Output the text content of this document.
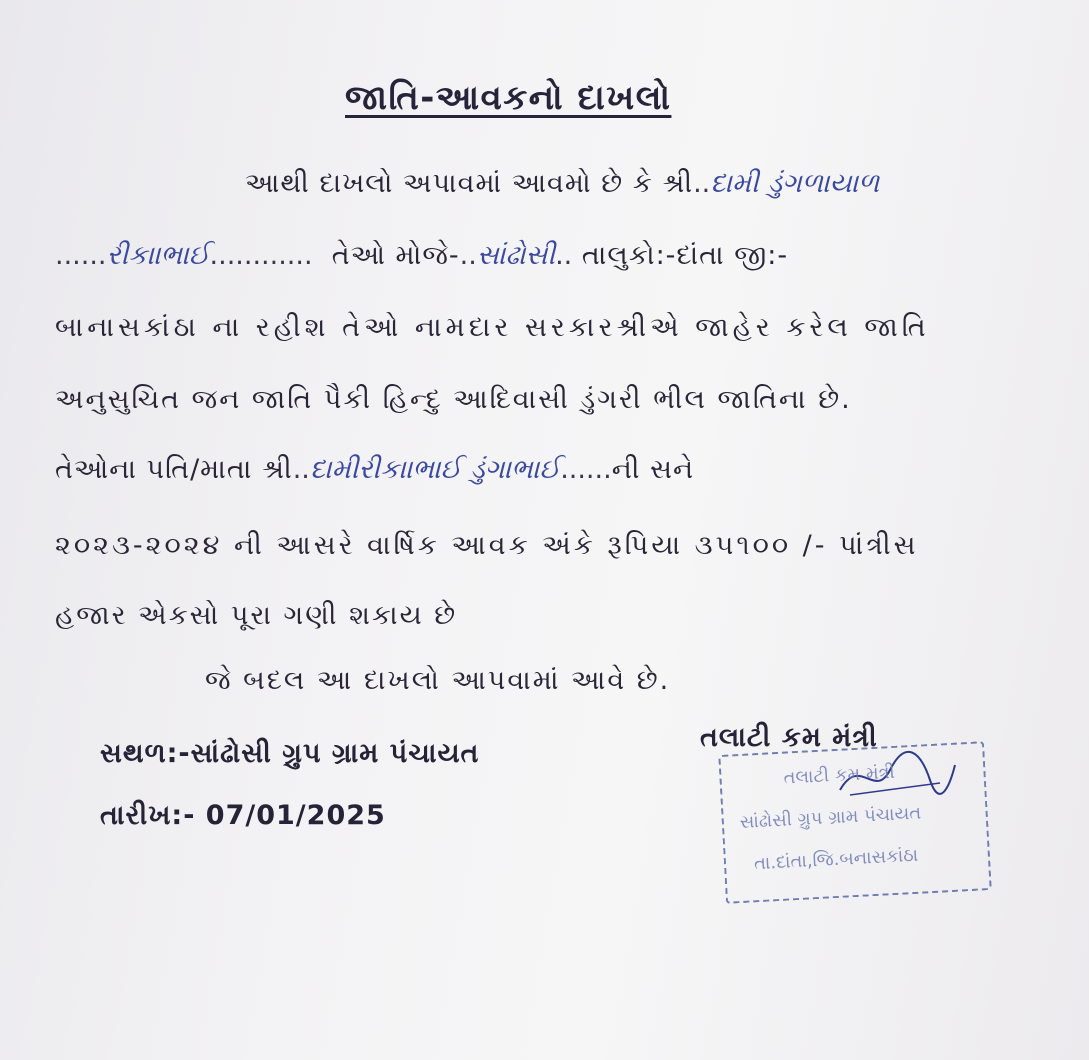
જાતિ-આવકનો દાખલો
આથી દાખલો અપાવમાં આવમો છે કે શ્રી..દામી ડુંગળાયાળ
......રીકાાભાઈ............ તેઓ મોજે-..સાંઢોસી.. તાલુકો:-દાંતા જી:-
બાનાસકાંઠા ના રહીશ તેઓ નામદાર સરકારશ્રીએ જાહેર કરેલ જાતિ
અનુસુચિત જન જાતિ પૈકી હિન્દુ આદિવાસી ડુંગરી ભીલ જાતિના છે.
તેઓના પતિ/માતા શ્રી..દામીરીકાાભાઈ ડુંગાભાઈ......ની સને
૨૦૨૩-૨૦૨૪ ની આસરે વાર્ષિક આવક અંકે રૂપિયા ૩૫૧૦૦ /- પાંત્રીસ
હજાર એકસો પૂરા ગણી શકાય છે
જે બદલ આ દાખલો આપવામાં આવે છે.
તલાટી કમ મંત્રી
સથળ:-સાંઢોસી ગ્રુપ ગ્રામ પંચાયત
તારીખ:- 07/01/2025
તલાટી કમ મંત્રી
સાંઢોસી ગ્રુપ ગ્રામ પંચાયત
તા.દાંતા,જિ.બનાસકાંઠા
